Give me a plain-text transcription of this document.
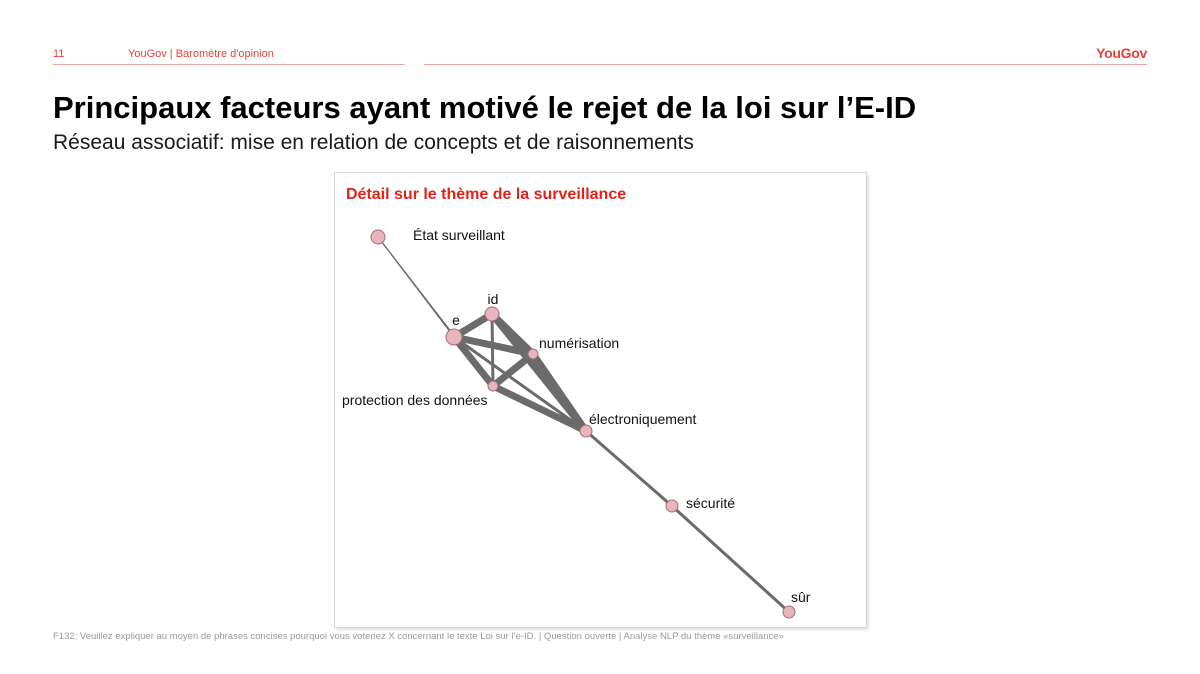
11	YouGov | Baromètre d'opinion	YouGov
Principaux facteurs ayant motivé le rejet de la loi sur l’E-ID
Réseau associatif: mise en relation de concepts et de raisonnements
Détail sur le thème de la surveillance
État surveillant
id
e
numérisation
protection des données
électroniquement
sécurité
sûr
F132: Veuillez expliquer au moyen de phrases concises pourquoi vous voteriez X concernant le texte Loi sur l’e-ID. | Question ouverte | Analyse NLP du thème «surveillance»
